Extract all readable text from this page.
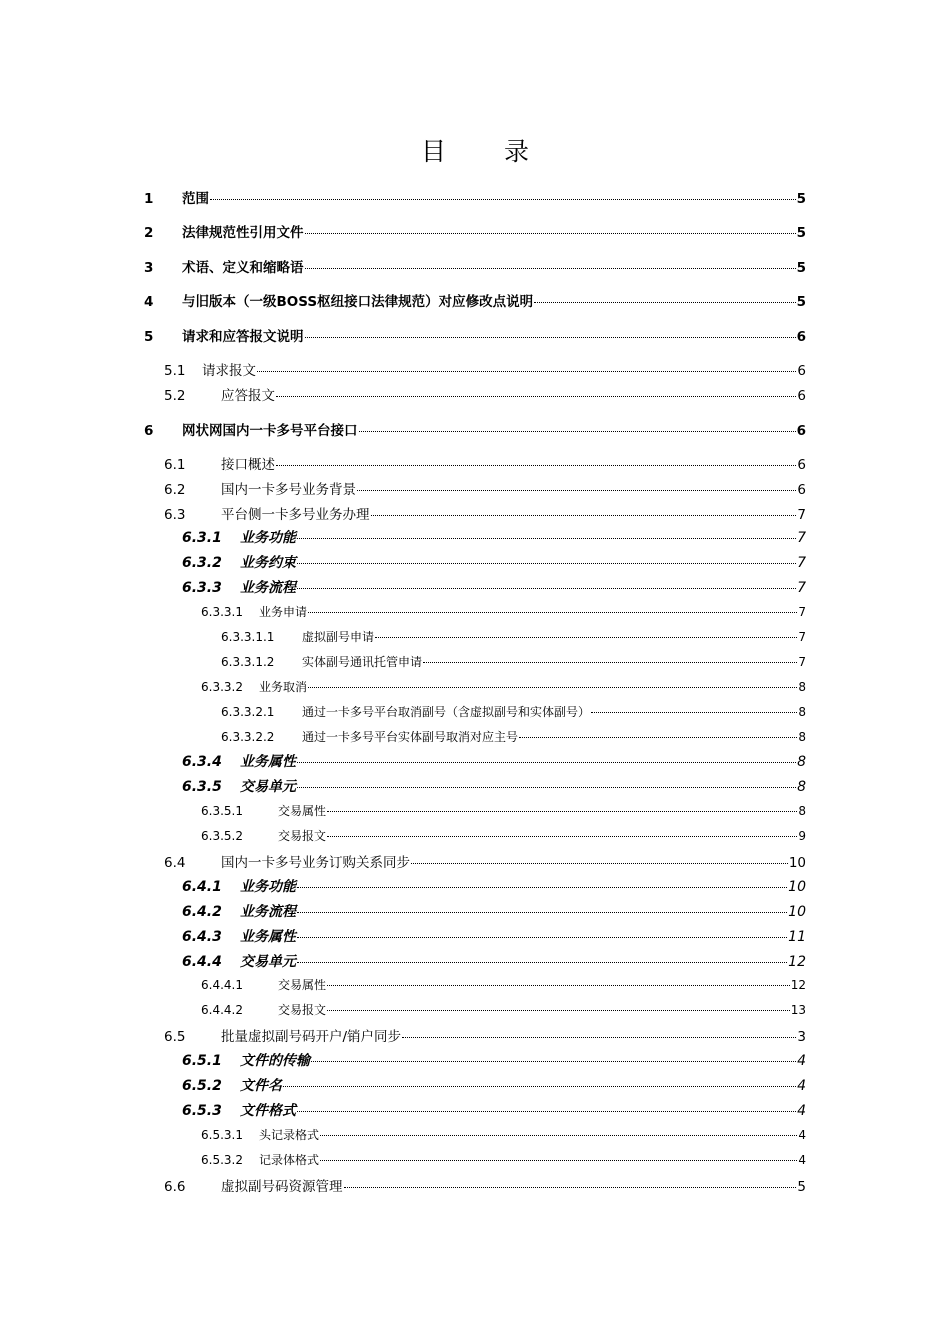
目 录
1	范围	5
2	法律规范性引用文件	5
3	术语、定义和缩略语	5
4	与旧版本（一级BOSS枢纽接口法律规范）对应修改点说明	5
5	请求和应答报文说明	6
5.1	请求报文	6
5.2	应答报文	6
6	网状网国内一卡多号平台接口	6
6.1	接口概述	6
6.2	国内一卡多号业务背景	6
6.3	平台侧一卡多号业务办理	7
6.3.1	业务功能	7
6.3.2	业务约束	7
6.3.3	业务流程	7
6.3.3.1	业务申请	7
6.3.3.1.1	虚拟副号申请	7
6.3.3.1.2	实体副号通讯托管申请	7
6.3.3.2	业务取消	8
6.3.3.2.1	通过一卡多号平台取消副号（含虚拟副号和实体副号）	8
6.3.3.2.2	通过一卡多号平台实体副号取消对应主号	8
6.3.4	业务属性	8
6.3.5	交易单元	8
6.3.5.1	交易属性	8
6.3.5.2	交易报文	9
6.4	国内一卡多号业务订购关系同步	10
6.4.1	业务功能	10
6.4.2	业务流程	10
6.4.3	业务属性	11
6.4.4	交易单元	12
6.4.4.1	交易属性	12
6.4.4.2	交易报文	13
6.5	批量虚拟副号码开户/销户同步	3
6.5.1	文件的传输	4
6.5.2	文件名	4
6.5.3	文件格式	4
6.5.3.1	头记录格式	4
6.5.3.2	记录体格式	4
6.6	虚拟副号码资源管理	5
